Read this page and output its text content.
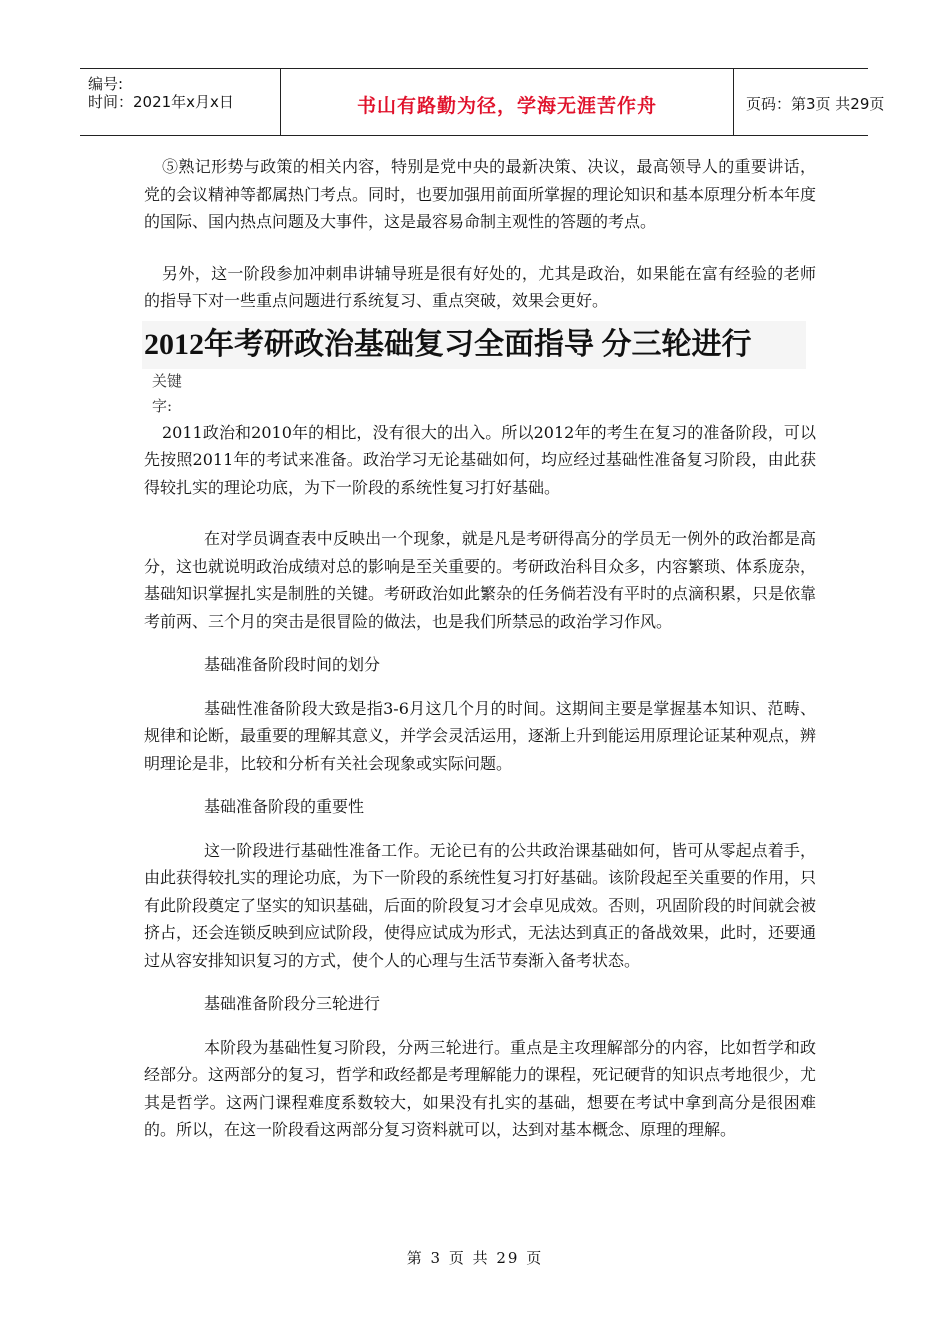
编号:
时间：2021年x月x日	书山有路勤为径，学海无涯苦作舟	页码：第3页 共29页

⑤熟记形势与政策的相关内容，特别是党中央的最新决策、决议，最高领导人的重要讲话，党的会议精神等都属热门考点。同时，也要加强用前面所掌握的理论知识和基本原理分析本年度的国际、国内热点问题及大事件，这是最容易命制主观性的答题的考点。

另外，这一阶段参加冲刺串讲辅导班是很有好处的，尤其是政治，如果能在富有经验的老师的指导下对一些重点问题进行系统复习、重点突破，效果会更好。

2012年考研政治基础复习全面指导 分三轮进行
关键字:

2011政治和2010年的相比，没有很大的出入。所以2012年的考生在复习的准备阶段，可以先按照2011年的考试来准备。政治学习无论基础如何，均应经过基础性准备复习阶段，由此获得较扎实的理论功底，为下一阶段的系统性复习打好基础。

在对学员调查表中反映出一个现象，就是凡是考研得高分的学员无一例外的政治都是高分，这也就说明政治成绩对总的影响是至关重要的。考研政治科目众多，内容繁琐、体系庞杂，基础知识掌握扎实是制胜的关键。考研政治如此繁杂的任务倘若没有平时的点滴积累，只是依靠考前两、三个月的突击是很冒险的做法，也是我们所禁忌的政治学习作风。

基础准备阶段时间的划分

基础性准备阶段大致是指3-6月这几个月的时间。这期间主要是掌握基本知识、范畴、规律和论断，最重要的理解其意义，并学会灵活运用，逐渐上升到能运用原理论证某种观点，辨明理论是非，比较和分析有关社会现象或实际问题。

基础准备阶段的重要性

这一阶段进行基础性准备工作。无论已有的公共政治课基础如何，皆可从零起点着手，由此获得较扎实的理论功底，为下一阶段的系统性复习打好基础。该阶段起至关重要的作用，只有此阶段奠定了坚实的知识基础，后面的阶段复习才会卓见成效。否则，巩固阶段的时间就会被挤占，还会连锁反映到应试阶段，使得应试成为形式，无法达到真正的备战效果，此时，还要通过从容安排知识复习的方式，使个人的心理与生活节奏渐入备考状态。

基础准备阶段分三轮进行

本阶段为基础性复习阶段，分两三轮进行。重点是主攻理解部分的内容，比如哲学和政经部分。这两部分的复习，哲学和政经都是考理解能力的课程，死记硬背的知识点考地很少，尤其是哲学。这两门课程难度系数较大，如果没有扎实的基础，想要在考试中拿到高分是很困难的。所以，在这一阶段看这两部分复习资料就可以，达到对基本概念、原理的理解。

第 3 页 共 29 页
